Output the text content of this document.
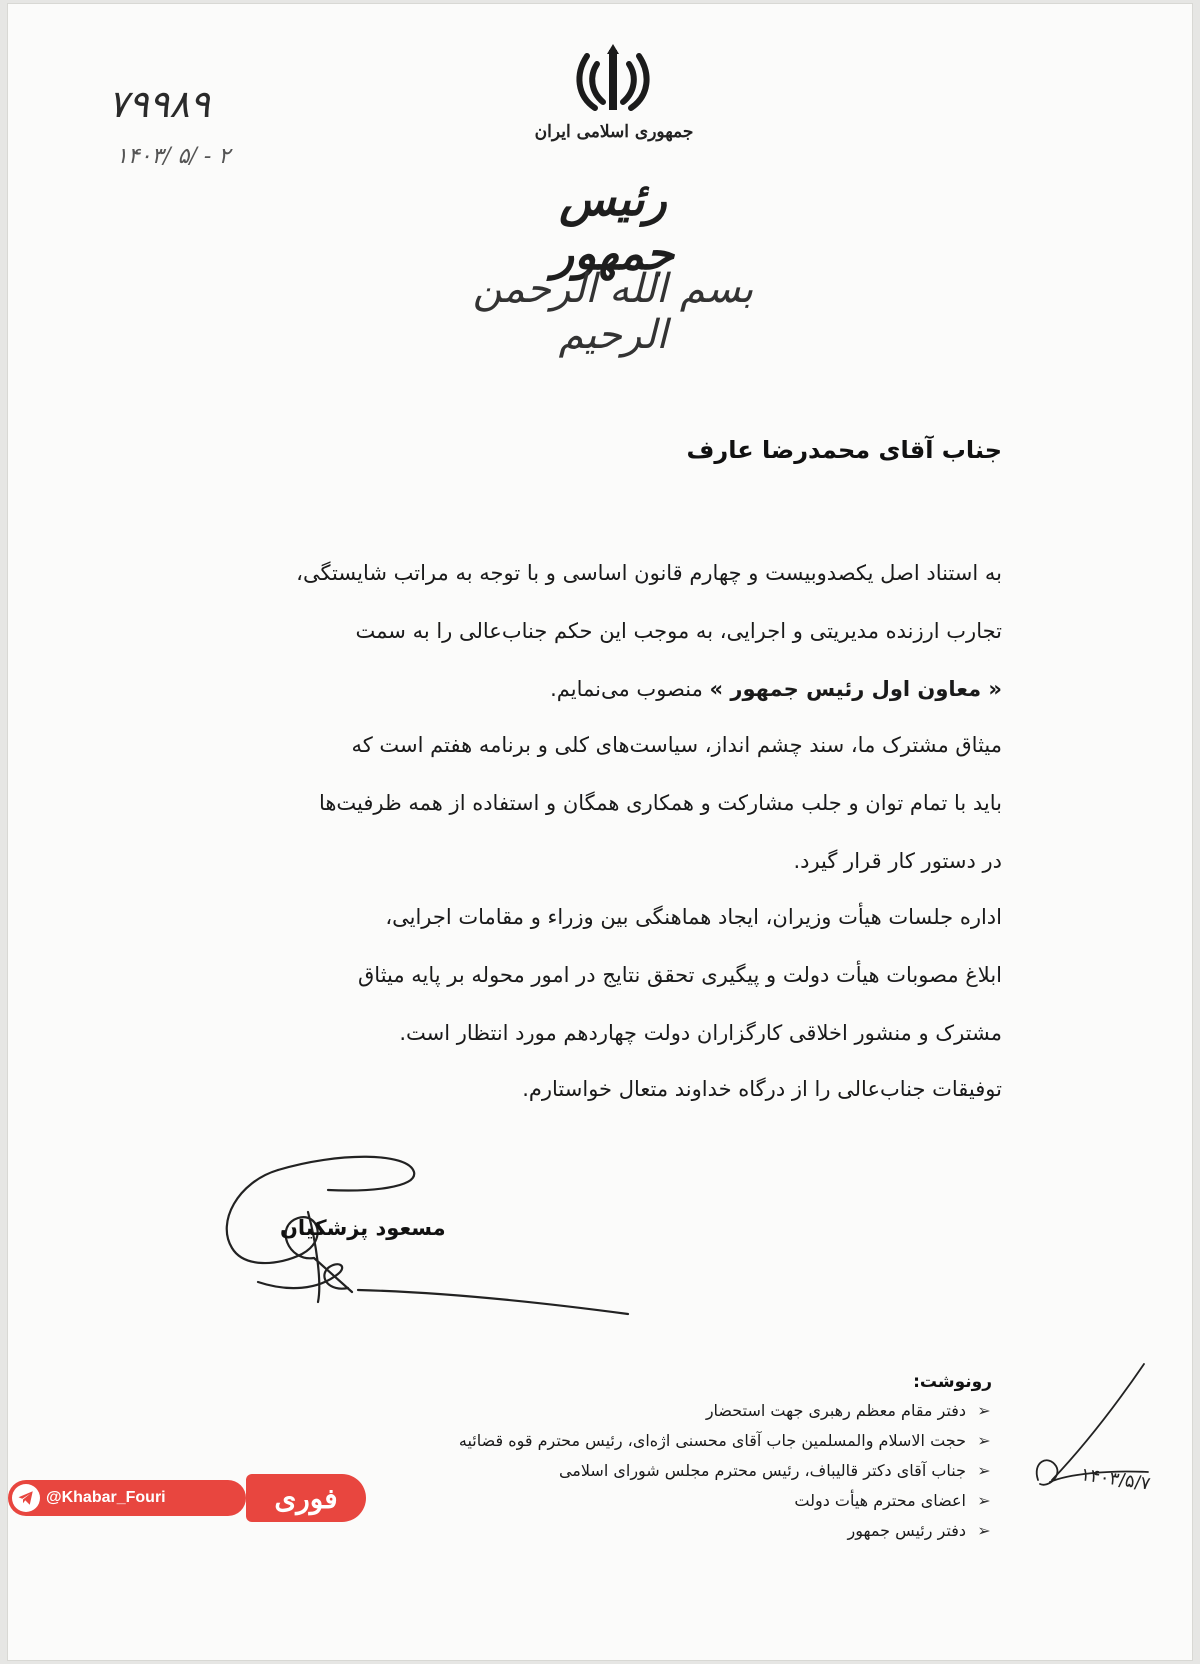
۷۹۹۸۹
۱۴۰۳/ ۵/ - ۲
جمهوری اسلامی ایران
رئیس جمهور
بسم الله الرحمن الرحیم
جناب آقای محمدرضا عارف
به استناد اصل یکصدوبیست و چهارم قانون اساسی و با توجه به مراتب شایستگی،
تجارب ارزنده مدیریتی و اجرایی، به موجب این حکم جناب‌عالی را به سمت
« معاون اول رئیس جمهور » منصوب می‌نمایم.
میثاق مشترک ما، سند چشم انداز، سیاست‌های کلی و برنامه هفتم است که
باید با تمام توان و جلب مشارکت و همکاری همگان و استفاده از همه ظرفیت‌ها
در دستور کار قرار گیرد.
اداره جلسات هیأت وزیران، ایجاد هماهنگی بین وزراء و مقامات اجرایی،
ابلاغ مصوبات هیأت دولت و پیگیری تحقق نتایج در امور محوله بر پایه میثاق
مشترک و منشور اخلاقی کارگزاران دولت چهاردهم مورد انتظار است.
توفیقات جناب‌عالی را از درگاه خداوند متعال خواستارم.
مسعود پزشکیان
رونوشت:
➢
دفتر مقام معظم رهبری جهت استحضار
➢
حجت الاسلام والمسلمین جاب آقای محسنی اژه‌ای، رئیس محترم قوه قضائیه
➢
جناب آقای دکتر قالیباف، رئیس محترم مجلس شورای اسلامی
➢
اعضای محترم هیأت دولت
➢
دفتر رئیس جمهور
۱۴۰۳/۵/۷
@Khabar_Fouri	فوری
